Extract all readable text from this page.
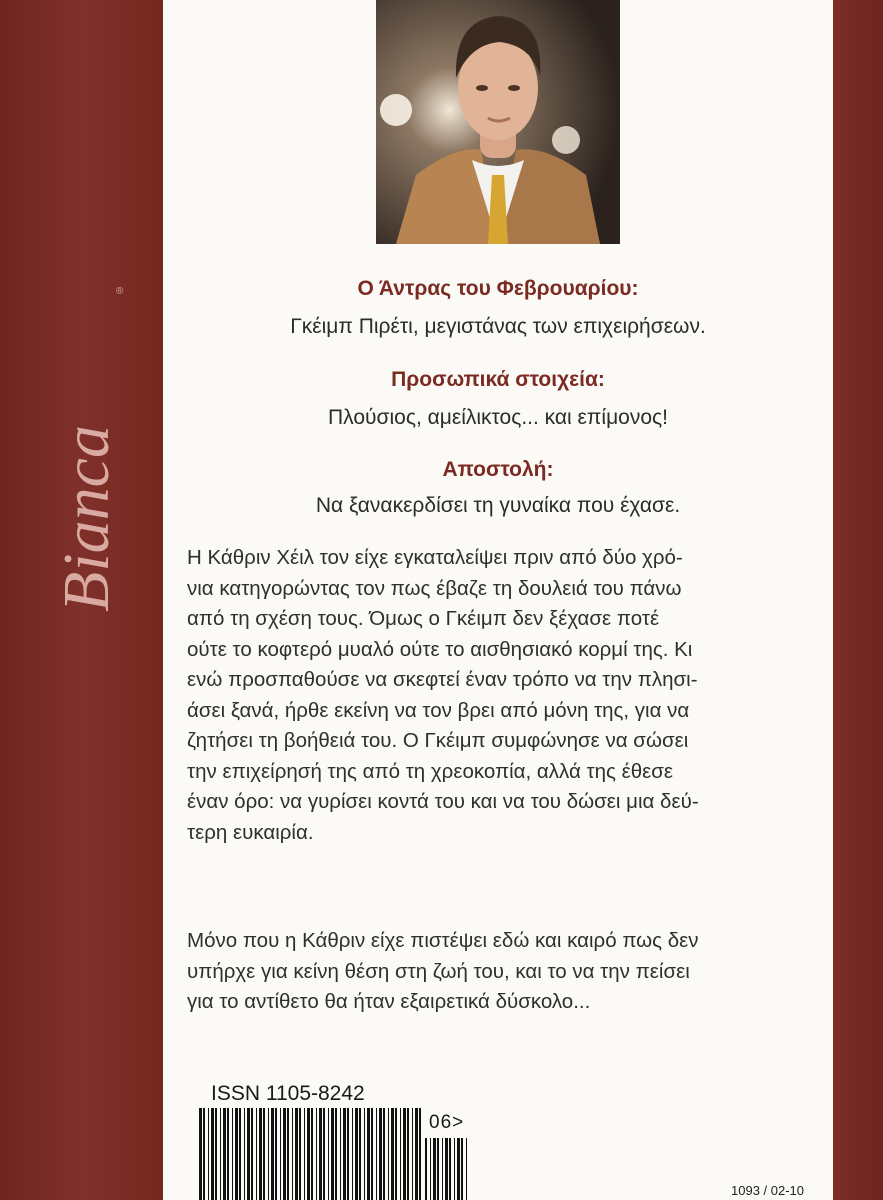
Bianca
®	Ο Άντρας του Φεβρουαρίου:
Γκέιμπ Πιρέτι, μεγιστάνας των επιχειρήσεων.
Προσωπικά στοιχεία:
Πλούσιος, αμείλικτος... και επίμονος!
Αποστολή:
Να ξανακερδίσει τη γυναίκα που έχασε.
Η Κάθριν Χέιλ τον είχε εγκαταλείψει πριν από δύο χρό-
νια κατηγορώντας τον πως έβαζε τη δουλειά του πάνω
από τη σχέση τους. Όμως ο Γκέιμπ δεν ξέχασε ποτέ
ούτε το κοφτερό μυαλό ούτε το αισθησιακό κορμί της. Κι
ενώ προσπαθούσε να σκεφτεί έναν τρόπο να την πλησι-
άσει ξανά, ήρθε εκείνη να τον βρει από μόνη της, για να
ζητήσει τη βοήθειά του. Ο Γκέιμπ συμφώνησε να σώσει
την επιχείρησή της από τη χρεοκοπία, αλλά της έθεσε
έναν όρο: να γυρίσει κοντά του και να του δώσει μια δεύ-
τερη ευκαιρία.
Μόνο που η Κάθριν είχε πιστέψει εδώ και καιρό πως δεν
υπήρχε για κείνη θέση στη ζωή του, και το να την πείσει
για το αντίθετο θα ήταν εξαιρετικά δύσκολο...
ISSN 1105-8242
06>
1093 / 02-10
